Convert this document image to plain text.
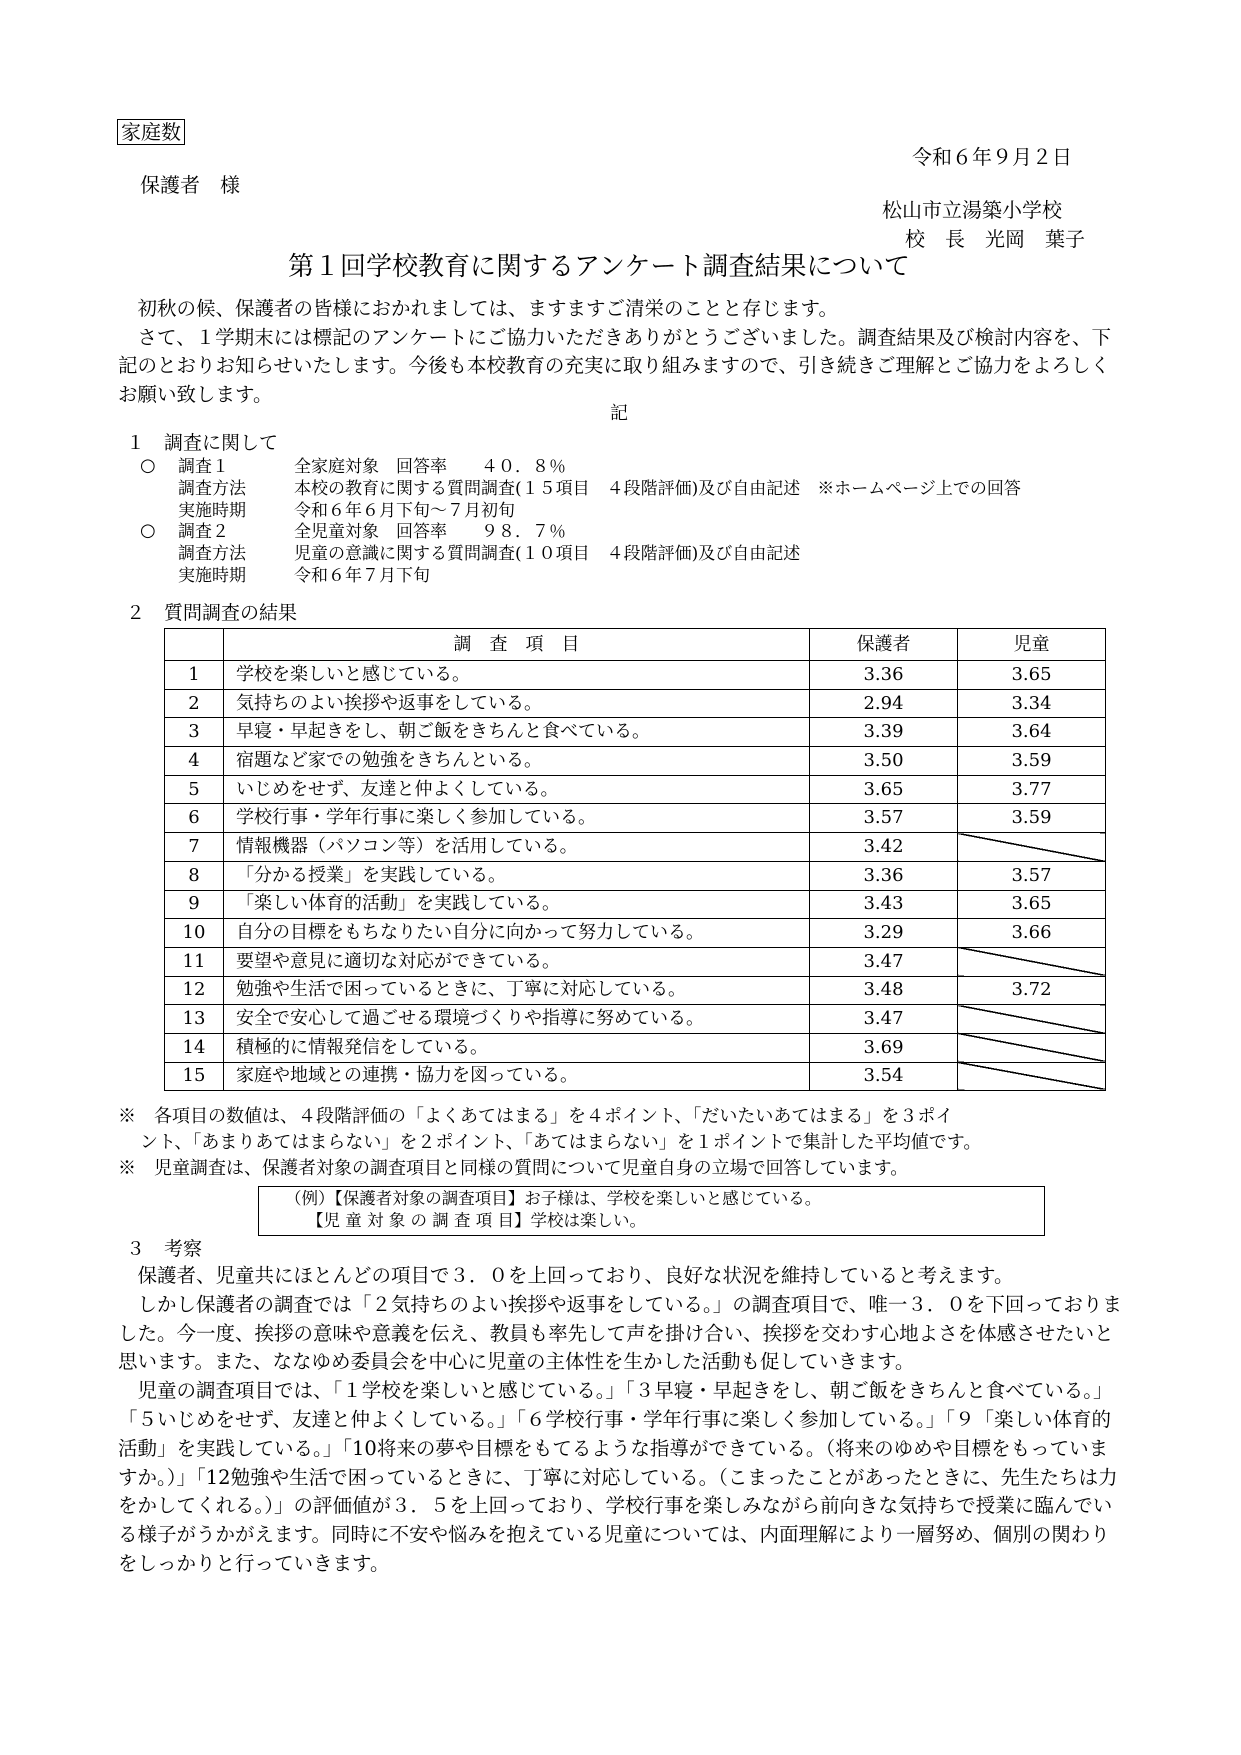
家庭数
令和６年９月２日
保護者　様
松山市立湯築小学校
校　長　光岡　葉子
第１回学校教育に関するアンケート調査結果について
　初秋の候、保護者の皆様におかれましては、ますますご清栄のことと存じます。
　さて、１学期末には標記のアンケートにご協力いただきありがとうございました。調査結果及び検討内容を、下記のとおりお知らせいたします。今後も本校教育の充実に取り組みますので、引き続きご理解とご協力をよろしくお願い致します。
記
１　調査に関して
○ 調査１	全家庭対象　回答率　　４０．８％
調査方法	本校の教育に関する質問調査(１５項目　４段階評価)及び自由記述　※ホームページ上での回答
実施時期	令和６年６月下旬～７月初旬
○ 調査２	全児童対象　回答率　　９８．７％
調査方法	児童の意識に関する質問調査(１０項目　４段階評価)及び自由記述
実施時期	令和６年７月下旬
２　質問調査の結果
	調　査　項　目	保護者	児童
1	学校を楽しいと感じている。	3.36	3.65
2	気持ちのよい挨拶や返事をしている。	2.94	3.34
3	早寝・早起きをし、朝ご飯をきちんと食べている。	3.39	3.64
4	宿題など家での勉強をきちんといる。	3.50	3.59
5	いじめをせず、友達と仲よくしている。	3.65	3.77
6	学校行事・学年行事に楽しく参加している。	3.57	3.59
7	情報機器（パソコン等）を活用している。	3.42	
8	「分かる授業」を実践している。	3.36	3.57
9	「楽しい体育的活動」を実践している。	3.43	3.65
10	自分の目標をもちなりたい自分に向かって努力している。	3.29	3.66
11	要望や意見に適切な対応ができている。	3.47	
12	勉強や生活で困っているときに、丁寧に対応している。	3.48	3.72
13	安全で安心して過ごせる環境づくりや指導に努めている。	3.47	
14	積極的に情報発信をしている。	3.69	
15	家庭や地域との連携・協力を図っている。	3.54	
※　各項目の数値は、４段階評価の「よくあてはまる」を４ポイント、「だいたいあてはまる」を３ポイ
ント、「あまりあてはまらない」を２ポイント、「あてはまらない」を１ポイントで集計した平均値です。
※　児童調査は、保護者対象の調査項目と同様の質問について児童自身の立場で回答しています。
（例）【保護者対象の調査項目】お子様は、学校を楽しいと感じている。
【児 童 対 象 の 調 査 項 目】学校は楽しい。
３　考察
　保護者、児童共にほとんどの項目で３．０を上回っており、良好な状況を維持していると考えます。
　しかし保護者の調査では「２気持ちのよい挨拶や返事をしている。」の調査項目で、唯一３．０を下回っておりました。今一度、挨拶の意味や意義を伝え、教員も率先して声を掛け合い、挨拶を交わす心地よさを体感させたいと思います。また、ななゆめ委員会を中心に児童の主体性を生かした活動も促していきます。
　児童の調査項目では、「１学校を楽しいと感じている。」「３早寝・早起きをし、朝ご飯をきちんと食べている。」「５いじめをせず、友達と仲よくしている。」「６学校行事・学年行事に楽しく参加している。」「９「楽しい体育的活動」を実践している。」「10将来の夢や目標をもてるような指導ができている。（将来のゆめや目標をもっていますか。）」「12勉強や生活で困っているときに、丁寧に対応している。（こまったことがあったときに、先生たちは力をかしてくれる。）」の評価値が３．５を上回っており、学校行事を楽しみながら前向きな気持ちで授業に臨んでいる様子がうかがえます。同時に不安や悩みを抱えている児童については、内面理解により一層努め、個別の関わりをしっかりと行っていきます。
